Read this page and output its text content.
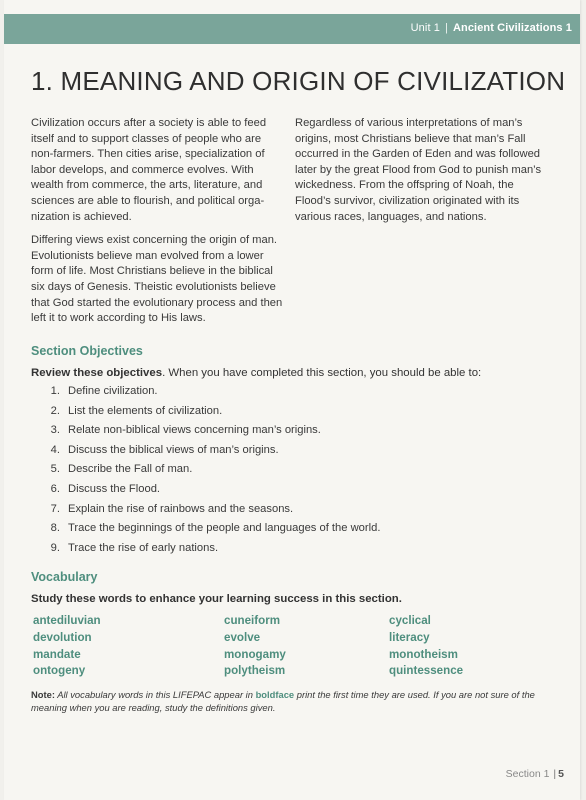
Unit 1 | Ancient Civilizations 1
1. MEANING AND ORIGIN OF CIVILIZATION

Civilization occurs after a society is able to feed itself and to support classes of people who are non-farmers. Then cities arise, specialization of labor develops, and commerce evolves. With wealth from commerce, the arts, literature, and sciences are able to flourish, and political organization is achieved.

Differing views exist concerning the origin of man. Evolutionists believe man evolved from a lower form of life. Most Christians believe in the biblical six days of Genesis. Theistic evolutionists believe that God started the evolutionary process and then left it to work according to His laws.

Regardless of various interpretations of man’s origins, most Christians believe that man’s Fall occurred in the Garden of Eden and was followed later by the great Flood from God to punish man’s wickedness. From the offspring of Noah, the Flood’s survivor, civilization originated with its various races, languages, and nations.

Section Objectives
Review these objectives. When you have completed this section, you should be able to:
1. Define civilization.
2. List the elements of civilization.
3. Relate non-biblical views concerning man’s origins.
4. Discuss the biblical views of man’s origins.
5. Describe the Fall of man.
6. Discuss the Flood.
7. Explain the rise of rainbows and the seasons.
8. Trace the beginnings of the people and languages of the world.
9. Trace the rise of early nations.
Vocabulary
Study these words to enhance your learning success in this section.
antediluvian	cuneiform	cyclical
devolution	evolve	literacy
mandate	monogamy	monotheism
ontogeny	polytheism	quintessence
Note: All vocabulary words in this LIFEPAC appear in boldface print the first time they are used. If you are not sure of the meaning when you are reading, study the definitions given.
Section 1 | 5
